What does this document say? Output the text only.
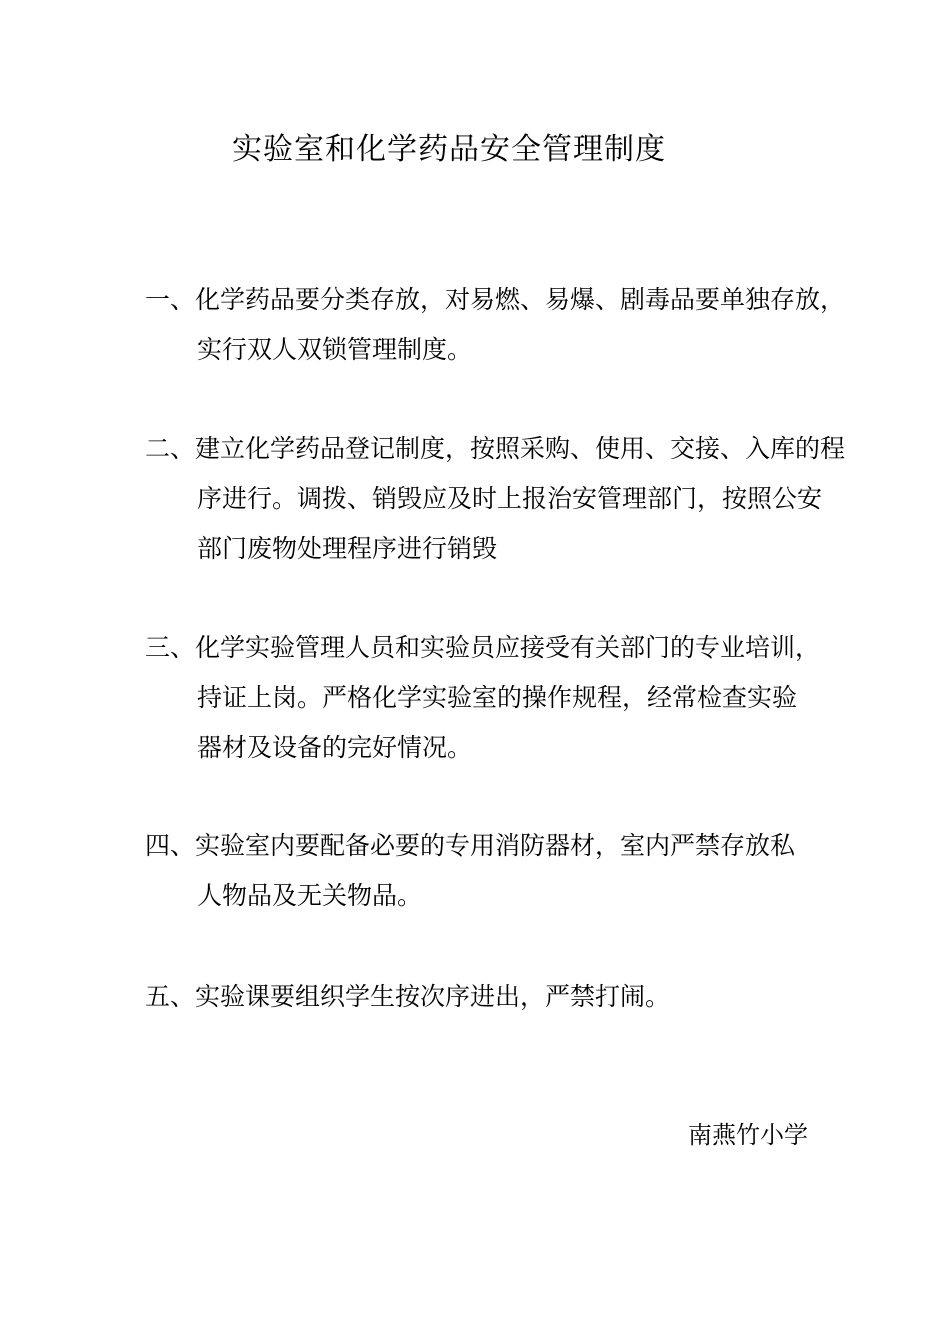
实验室和化学药品安全管理制度
一、化学药品要分类存放，对易燃、易爆、剧毒品要单独存放，
实行双人双锁管理制度。
二、建立化学药品登记制度，按照采购、使用、交接、入库的程
序进行。调拨、销毁应及时上报治安管理部门，按照公安
部门废物处理程序进行销毁
三、化学实验管理人员和实验员应接受有关部门的专业培训，
持证上岗。严格化学实验室的操作规程，经常检查实验
器材及设备的完好情况。
四、实验室内要配备必要的专用消防器材，室内严禁存放私
人物品及无关物品。
五、实验课要组织学生按次序进出，严禁打闹。
南燕竹小学
